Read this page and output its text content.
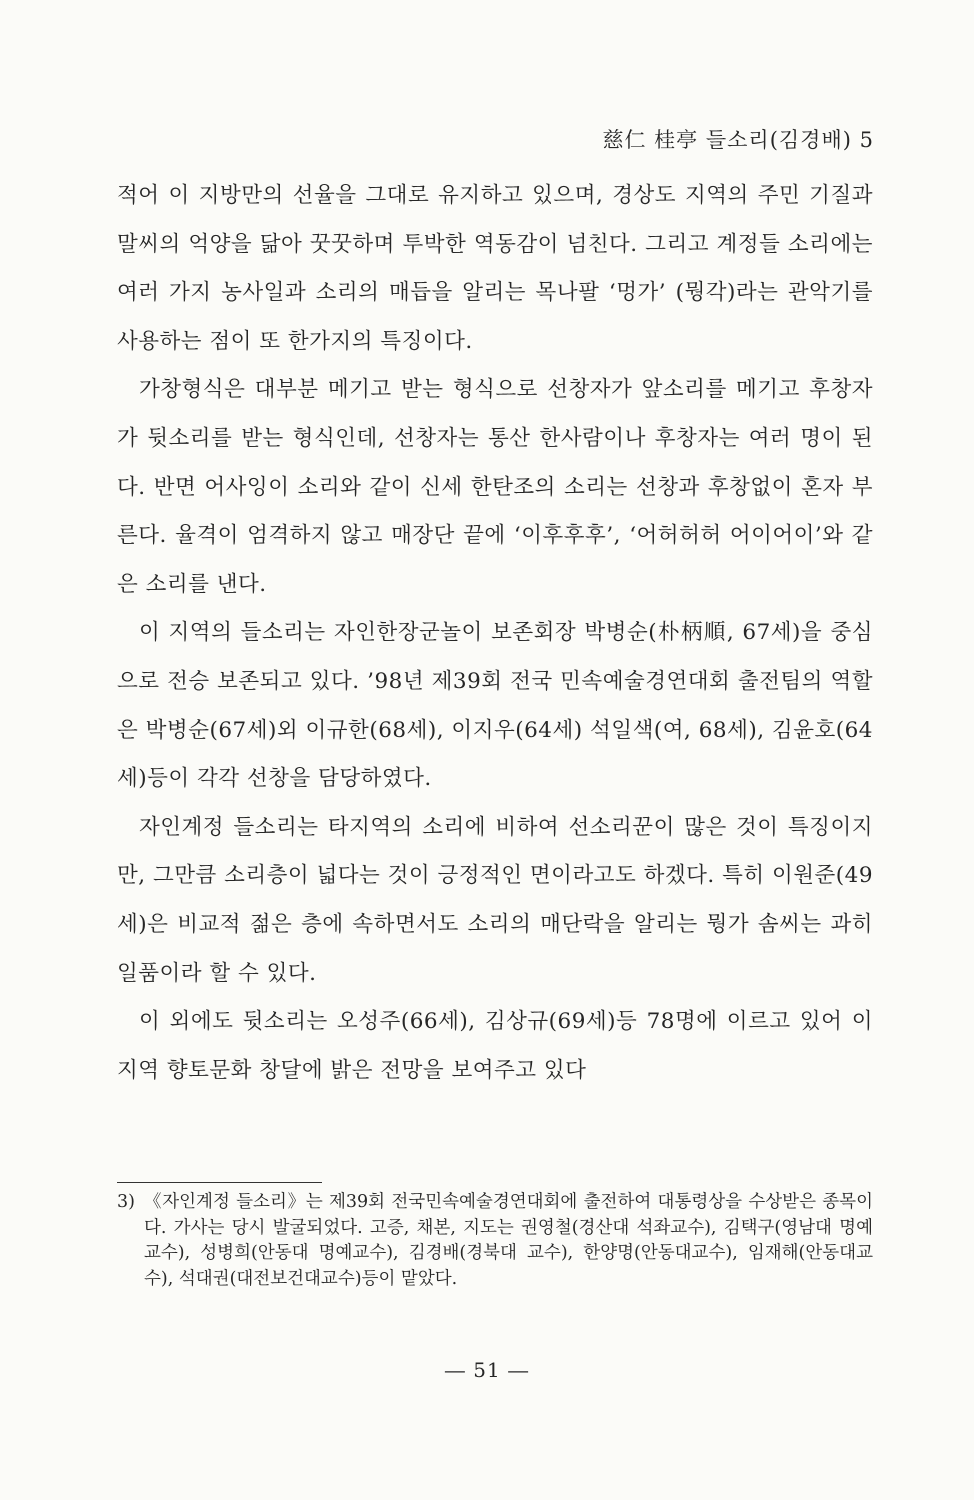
慈仁 桂亭 들소리(김경배) 5

적어 이 지방만의 선율을 그대로 유지하고 있으며, 경상도 지역의 주민 기질과 말씨의 억양을 닮아 꿋꿋하며 투박한 역동감이 넘친다. 그리고 계정들 소리에는 여러 가지 농사일과 소리의 매듭을 알리는 목나팔 ‘멍가’ (뭥각)라는 관악기를 사용하는 점이 또 한가지의 특징이다.

가창형식은 대부분 메기고 받는 형식으로 선창자가 앞소리를 메기고 후창자가 뒷소리를 받는 형식인데, 선창자는 통산 한사람이나 후창자는 여러 명이 된다. 반면 어사잉이 소리와 같이 신세 한탄조의 소리는 선창과 후창없이 혼자 부른다. 율격이 엄격하지 않고 매장단 끝에 ‘이후후후’, ‘어허허허 어이어이’와 같은 소리를 낸다.

이 지역의 들소리는 자인한장군놀이 보존회장 박병순(朴柄順, 67세)을 중심으로 전승 보존되고 있다. ’98년 제39회 전국 민속예술경연대회 출전팀의 역할은 박병순(67세)외 이규한(68세), 이지우(64세) 석일색(여, 68세), 김윤호(64세)등이 각각 선창을 담당하였다.

자인계정 들소리는 타지역의 소리에 비하여 선소리꾼이 많은 것이 특징이지만, 그만큼 소리층이 넓다는 것이 긍정적인 면이라고도 하겠다. 특히 이원준(49세)은 비교적 젊은 층에 속하면서도 소리의 매단락을 알리는 뭥가 솜씨는 과히 일품이라 할 수 있다.

이 외에도 뒷소리는 오성주(66세), 김상규(69세)등 78명에 이르고 있어 이 지역 향토문화 창달에 밝은 전망을 보여주고 있다

3) 《자인계정 들소리》는 제39회 전국민속예술경연대회에 출전하여 대통령상을 수상받은 종목이다. 가사는 당시 발굴되었다. 고증, 채본, 지도는 권영철(경산대 석좌교수), 김택구(영남대 명예교수), 성병희(안동대 명예교수), 김경배(경북대 교수), 한양명(안동대교수), 임재해(안동대교수), 석대권(대전보건대교수)등이 맡았다.
― 51 ―
